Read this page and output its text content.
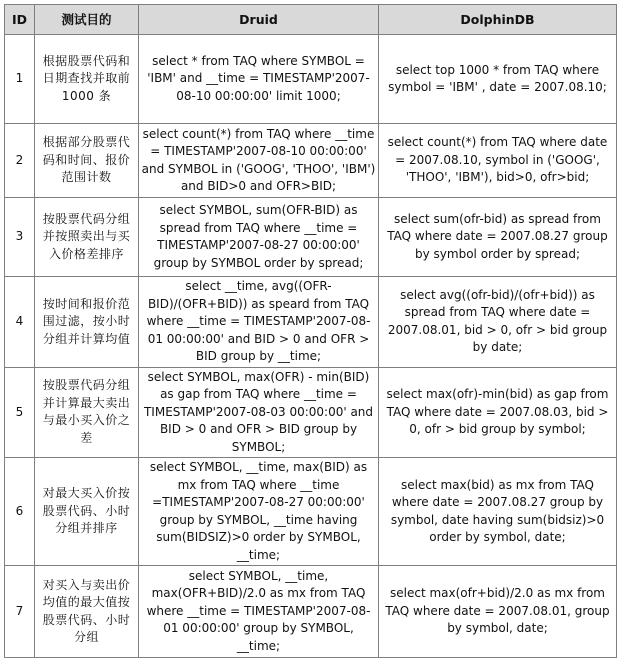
ID	测试目的	Druid	DolphinDB
1	根据股票代码和日期查找并取前 1000 条	select * from TAQ where SYMBOL = 'IBM' and __time = TIMESTAMP'2007-08-10 00:00:00' limit 1000;	select top 1000 * from TAQ where symbol = 'IBM' , date = 2007.08.10;
2	根据部分股票代码和时间、报价范围计数	select count(*) from TAQ where __time = TIMESTAMP'2007-08-10 00:00:00' and SYMBOL in ('GOOG', 'THOO', 'IBM') and BID>0 and OFR>BID;	select count(*) from TAQ where date = 2007.08.10, symbol in ('GOOG', 'THOO', 'IBM'), bid>0, ofr>bid;
3	按股票代码分组并按照卖出与买入价格差排序	select SYMBOL, sum(OFR-BID) as spread from TAQ where __time = TIMESTAMP'2007-08-27 00:00:00' group by SYMBOL order by spread;	select sum(ofr-bid) as spread from TAQ where date = 2007.08.27 group by symbol order by spread;
4	按时间和报价范围过滤，按小时分组并计算均值	select __time, avg((OFR-BID)/(OFR+BID)) as speard from TAQ where __time = TIMESTAMP'2007-08-01 00:00:00' and BID > 0 and OFR > BID group by __time;	select avg((ofr-bid)/(ofr+bid)) as spread from TAQ where date = 2007.08.01, bid > 0, ofr > bid group by date;
5	按股票代码分组并计算最大卖出与最小买入价之差	select SYMBOL, max(OFR) - min(BID) as gap from TAQ where __time = TIMESTAMP'2007-08-03 00:00:00' and BID > 0 and OFR > BID group by SYMBOL;	select max(ofr)-min(bid) as gap from TAQ where date = 2007.08.03, bid > 0, ofr > bid group by symbol;
6	对最大买入价按股票代码、小时分组并排序	select SYMBOL, __time, max(BID) as mx from TAQ where __time =TIMESTAMP'2007-08-27 00:00:00' group by SYMBOL, __time having sum(BIDSIZ)>0 order by SYMBOL, __time;	select max(bid) as mx from TAQ where date = 2007.08.27 group by symbol, date having sum(bidsiz)>0 order by symbol, date;
7	对买入与卖出价均值的最大值按股票代码、小时分组	select SYMBOL, __time, max(OFR+BID)/2.0 as mx from TAQ where __time = TIMESTAMP'2007-08-01 00:00:00' group by SYMBOL, __time;	select max(ofr+bid)/2.0 as mx from TAQ where date = 2007.08.01, group by symbol, date;
